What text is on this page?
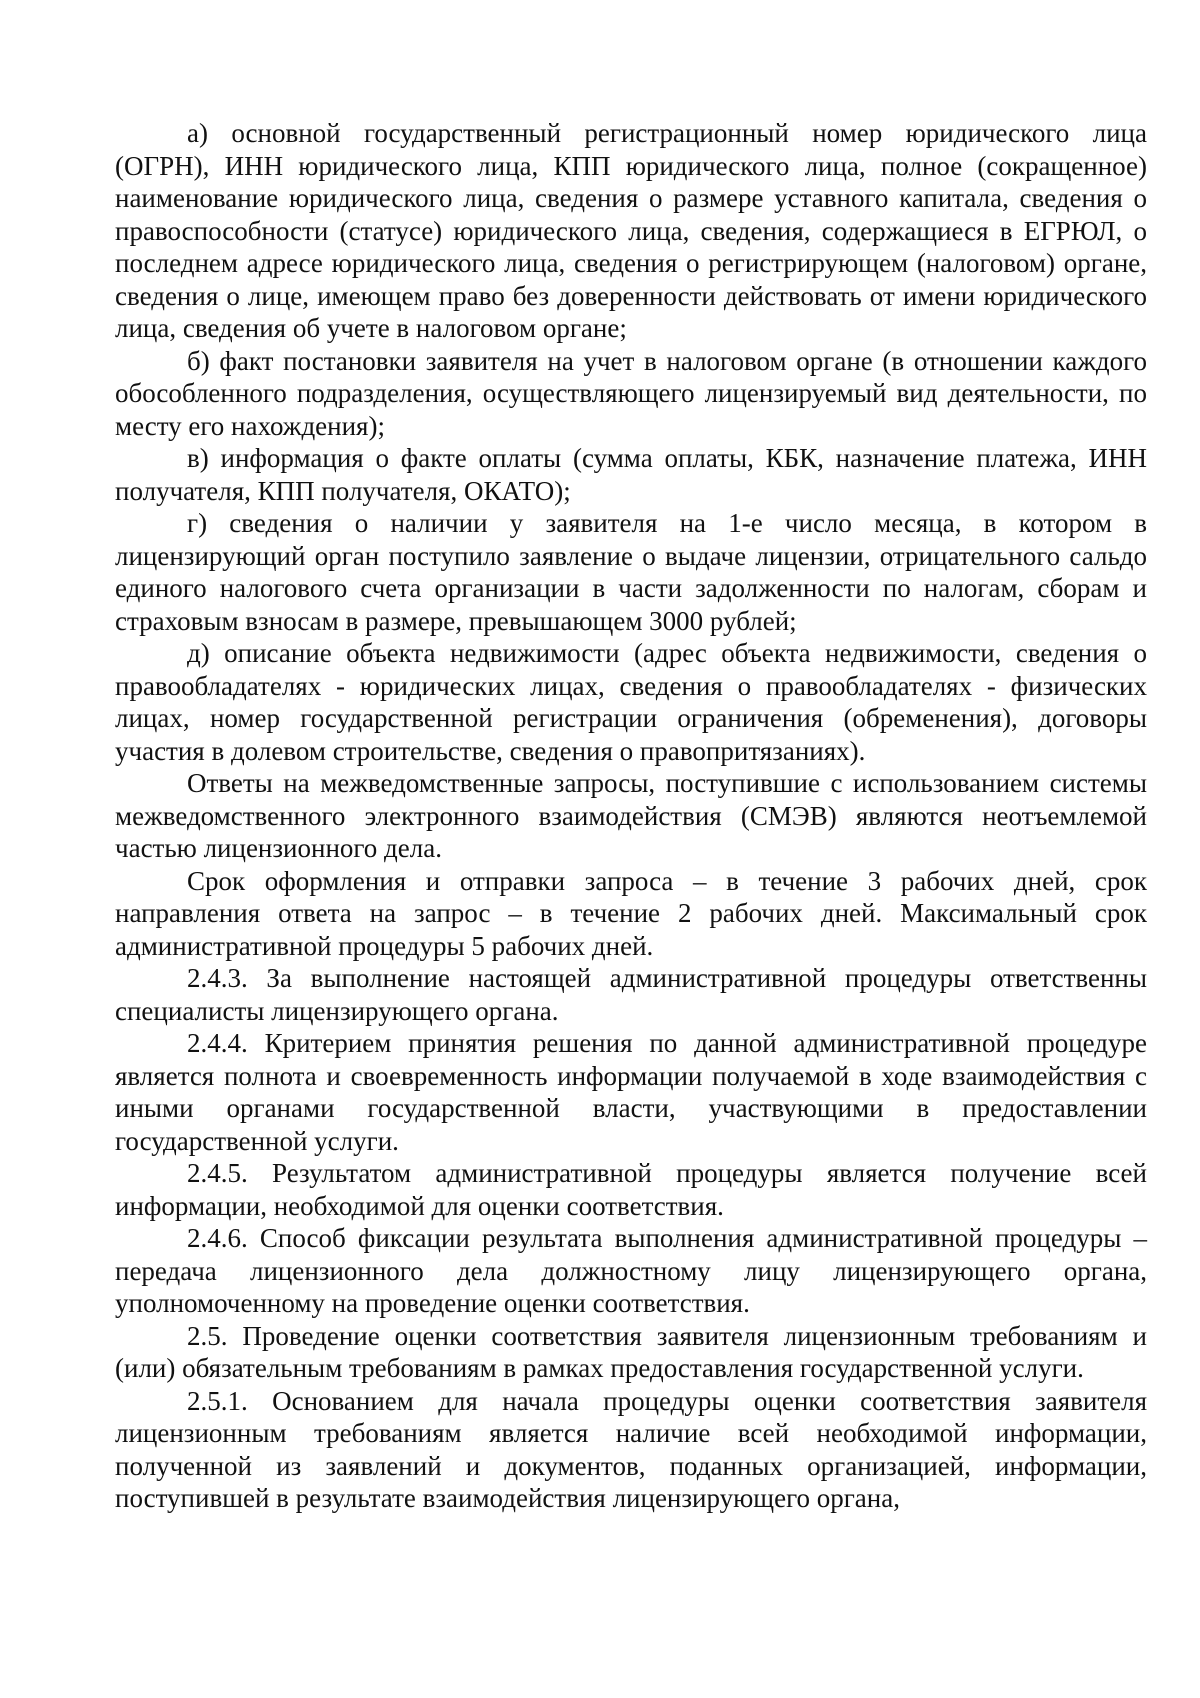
а) основной государственный регистрационный номер юридического лица (ОГРН), ИНН юридического лица, КПП юридического лица, полное (сокращенное) наименование юридического лица, сведения о размере уставного капитала, сведения о правоспособности (статусе) юридического лица, сведения, содержащиеся в ЕГРЮЛ, о последнем адресе юридического лица, сведения о регистрирующем (налоговом) органе, сведения о лице, имеющем право без доверенности действовать от имени юридического лица, сведения об учете в налоговом органе;

б) факт постановки заявителя на учет в налоговом органе (в отношении каждого обособленного подразделения, осуществляющего лицензируемый вид деятельности, по месту его нахождения);

в) информация о факте оплаты (сумма оплаты, КБК, назначение платежа, ИНН получателя, КПП получателя, ОКАТО);

г) сведения о наличии у заявителя на 1-е число месяца, в котором в лицензирующий орган поступило заявление о выдаче лицензии, отрицательного сальдо единого налогового счета организации в части задолженности по налогам, сборам и страховым взносам в размере, превышающем 3000 рублей;

д) описание объекта недвижимости (адрес объекта недвижимости, сведения о правообладателях - юридических лицах, сведения о правообладателях - физических лицах, номер государственной регистрации ограничения (обременения), договоры участия в долевом строительстве, сведения о правопритязаниях).

Ответы на межведомственные запросы, поступившие с использованием системы межведомственного электронного взаимодействия (СМЭВ) являются неотъемлемой частью лицензионного дела.

Срок оформления и отправки запроса – в течение 3 рабочих дней, срок направления ответа на запрос – в течение 2 рабочих дней. Максимальный срок административной процедуры 5 рабочих дней.

2.4.3. За выполнение настоящей административной процедуры ответственны специалисты лицензирующего органа.

2.4.4. Критерием принятия решения по данной административной процедуре является полнота и своевременность информации получаемой в ходе взаимодействия с иными органами государственной власти, участвующими в предоставлении государственной услуги.

2.4.5. Результатом административной процедуры является получение всей информации, необходимой для оценки соответствия.

2.4.6. Способ фиксации результата выполнения административной процедуры – передача лицензионного дела должностному лицу лицензирующего органа, уполномоченному на проведение оценки соответствия.

2.5. Проведение оценки соответствия заявителя лицензионным требованиям и (или) обязательным требованиям в рамках предоставления государственной услуги.

2.5.1. Основанием для начала процедуры оценки соответствия заявителя лицензионным требованиям является наличие всей необходимой информации, полученной из заявлений и документов, поданных организацией, информации, поступившей в результате взаимодействия лицензирующего органа,
